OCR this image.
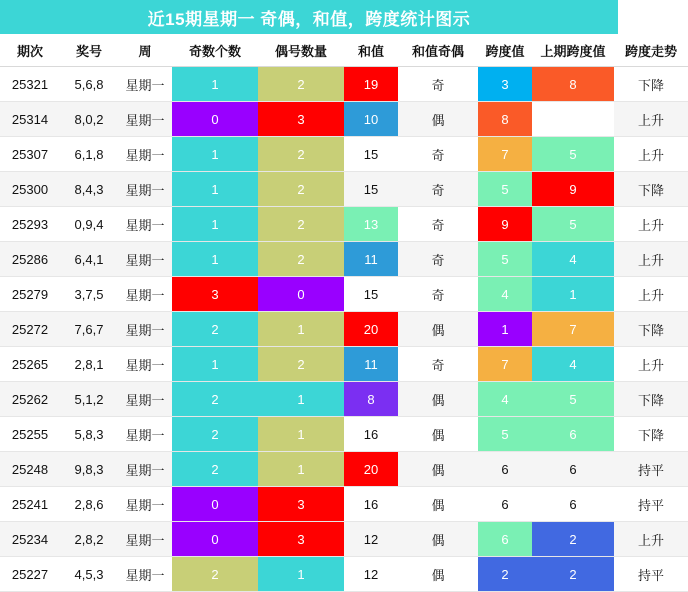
近15期星期一 奇偶，和值，跨度统计图示
期次	奖号	周	奇数个数	偶号数量	和值	和值奇偶	跨度值	上期跨度值	跨度走势
25321	5,6,8	星期一	1	2	19	奇	3	8	下降
25314	8,0,2	星期一	0	3	10	偶	8	7	上升
25307	6,1,8	星期一	1	2	15	奇	7	5	上升
25300	8,4,3	星期一	1	2	15	奇	5	9	下降
25293	0,9,4	星期一	1	2	13	奇	9	5	上升
25286	6,4,1	星期一	1	2	11	奇	5	4	上升
25279	3,7,5	星期一	3	0	15	奇	4	1	上升
25272	7,6,7	星期一	2	1	20	偶	1	7	下降
25265	2,8,1	星期一	1	2	11	奇	7	4	上升
25262	5,1,2	星期一	2	1	8	偶	4	5	下降
25255	5,8,3	星期一	2	1	16	偶	5	6	下降
25248	9,8,3	星期一	2	1	20	偶	6	6	持平
25241	2,8,6	星期一	0	3	16	偶	6	6	持平
25234	2,8,2	星期一	0	3	12	偶	6	2	上升
25227	4,5,3	星期一	2	1	12	偶	2	2	持平
